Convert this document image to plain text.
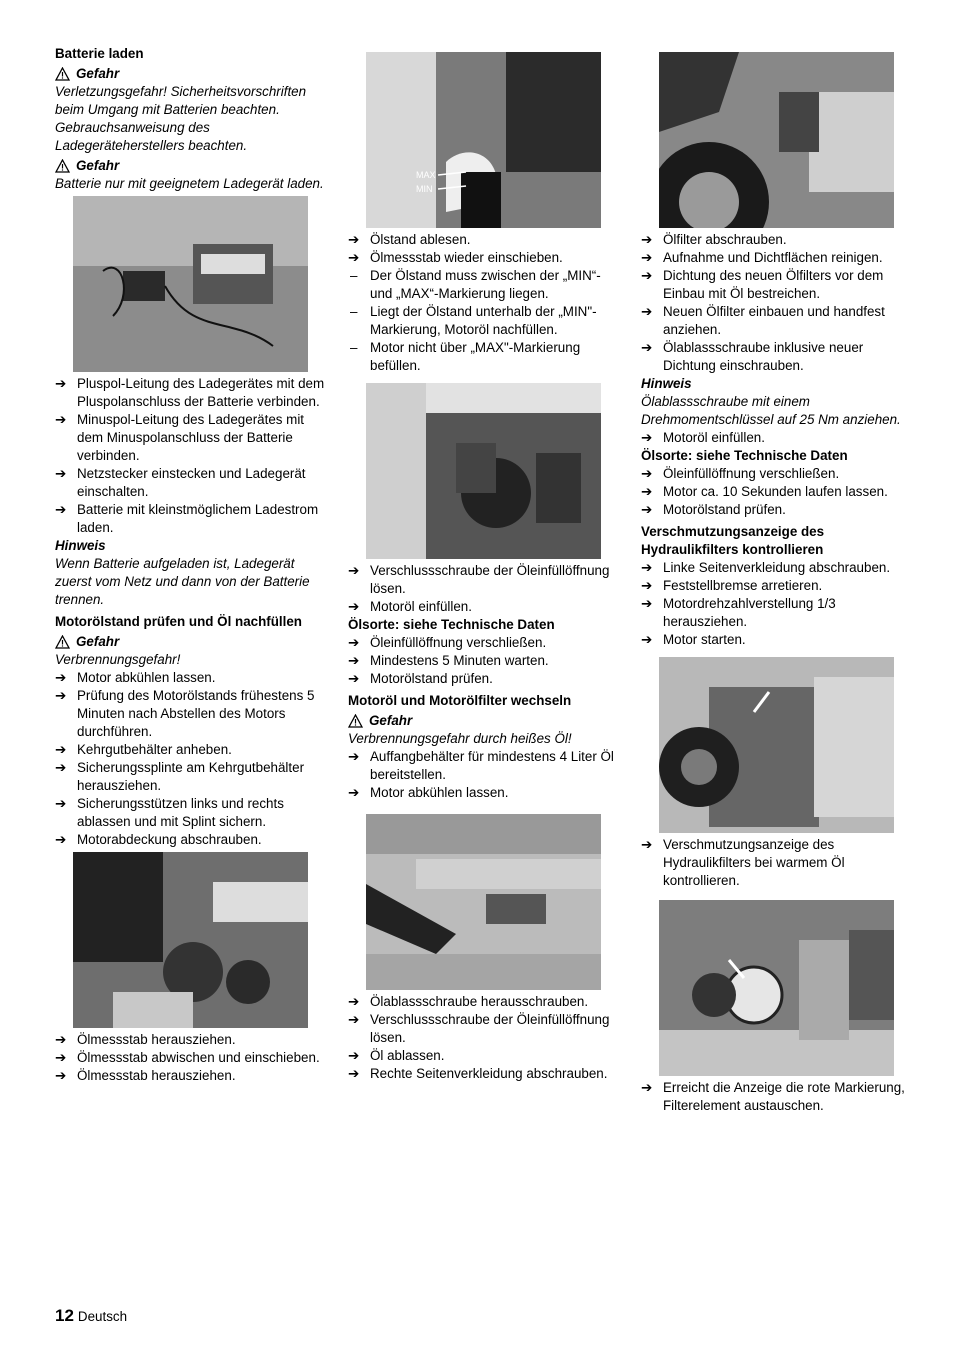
Batterie laden

Gefahr

Verletzungsgefahr! Sicherheitsvorschriften beim Umgang mit Batterien beachten. Gebrauchsanweisung des Ladegeräteherstellers beachten.

Gefahr

Batterie nur mit geeignetem Ladegerät laden.

➔ Pluspol-Leitung des Ladegerätes mit dem Pluspolanschluss der Batterie verbinden.

➔ Minuspol-Leitung des Ladegerätes mit dem Minuspolanschluss der Batterie verbinden.

➔ Netzstecker einstecken und Ladegerät einschalten.

➔ Batterie mit kleinstmöglichem Ladestrom laden.

Hinweis

Wenn Batterie aufgeladen ist, Ladegerät zuerst vom Netz und dann von der Batterie trennen.

Motorölstand prüfen und Öl nachfüllen

Gefahr

Verbrennungsgefahr!

➔ Motor abkühlen lassen.

➔ Prüfung des Motorölstands frühestens 5 Minuten nach Abstellen des Motors durchführen.

➔ Kehrgutbehälter anheben.

➔ Sicherungssplinte am Kehrgutbehälter herausziehen.

➔ Sicherungsstützen links und rechts ablassen und mit Splint sichern.

➔ Motorabdeckung abschrauben.

➔ Ölmessstab herausziehen.

➔ Ölmessstab abwischen und einschieben.

➔ Ölmessstab herausziehen.

MAX
MIN

➔ Ölstand ablesen.

➔ Ölmessstab wieder einschieben.

– Der Ölstand muss zwischen der „MIN“- und „MAX“-Markierung liegen.

– Liegt der Ölstand unterhalb der „MIN"-Markierung, Motoröl nachfüllen.

– Motor nicht über „MAX"-Markierung befüllen.

➔ Verschlussschraube der Öleinfüllöffnung lösen.

➔ Motoröl einfüllen.

Ölsorte: siehe Technische Daten

➔ Öleinfüllöffnung verschließen.

➔ Mindestens 5 Minuten warten.

➔ Motorölstand prüfen.

Motoröl und Motorölfilter wechseln

Gefahr

Verbrennungsgefahr durch heißes Öl!

➔ Auffangbehälter für mindestens 4 Liter Öl bereitstellen.

➔ Motor abkühlen lassen.

➔ Ölablassschraube herausschrauben.

➔ Verschlussschraube der Öleinfüllöffnung lösen.

➔ Öl ablassen.

➔ Rechte Seitenverkleidung abschrauben.

➔ Ölfilter abschrauben.

➔ Aufnahme und Dichtflächen reinigen.

➔ Dichtung des neuen Ölfilters vor dem Einbau mit Öl bestreichen.

➔ Neuen Ölfilter einbauen und handfest anziehen.

➔ Ölablassschraube inklusive neuer Dichtung einschrauben.

Hinweis

Ölablassschraube mit einem Drehmomentschlüssel auf 25 Nm anziehen.

➔ Motoröl einfüllen.

Ölsorte: siehe Technische Daten

➔ Öleinfüllöffnung verschließen.

➔ Motor ca. 10 Sekunden laufen lassen.

➔ Motorölstand prüfen.

Verschmutzungsanzeige des Hydraulikfilters kontrollieren

➔ Linke Seitenverkleidung abschrauben.

➔ Feststellbremse arretieren.

➔ Motordrehzahlverstellung 1/3 herausziehen.

➔ Motor starten.

➔ Verschmutzungsanzeige des Hydraulikfilters bei warmem Öl kontrollieren.

➔ Erreicht die Anzeige die rote Markierung, Filterelement austauschen.

12 Deutsch
